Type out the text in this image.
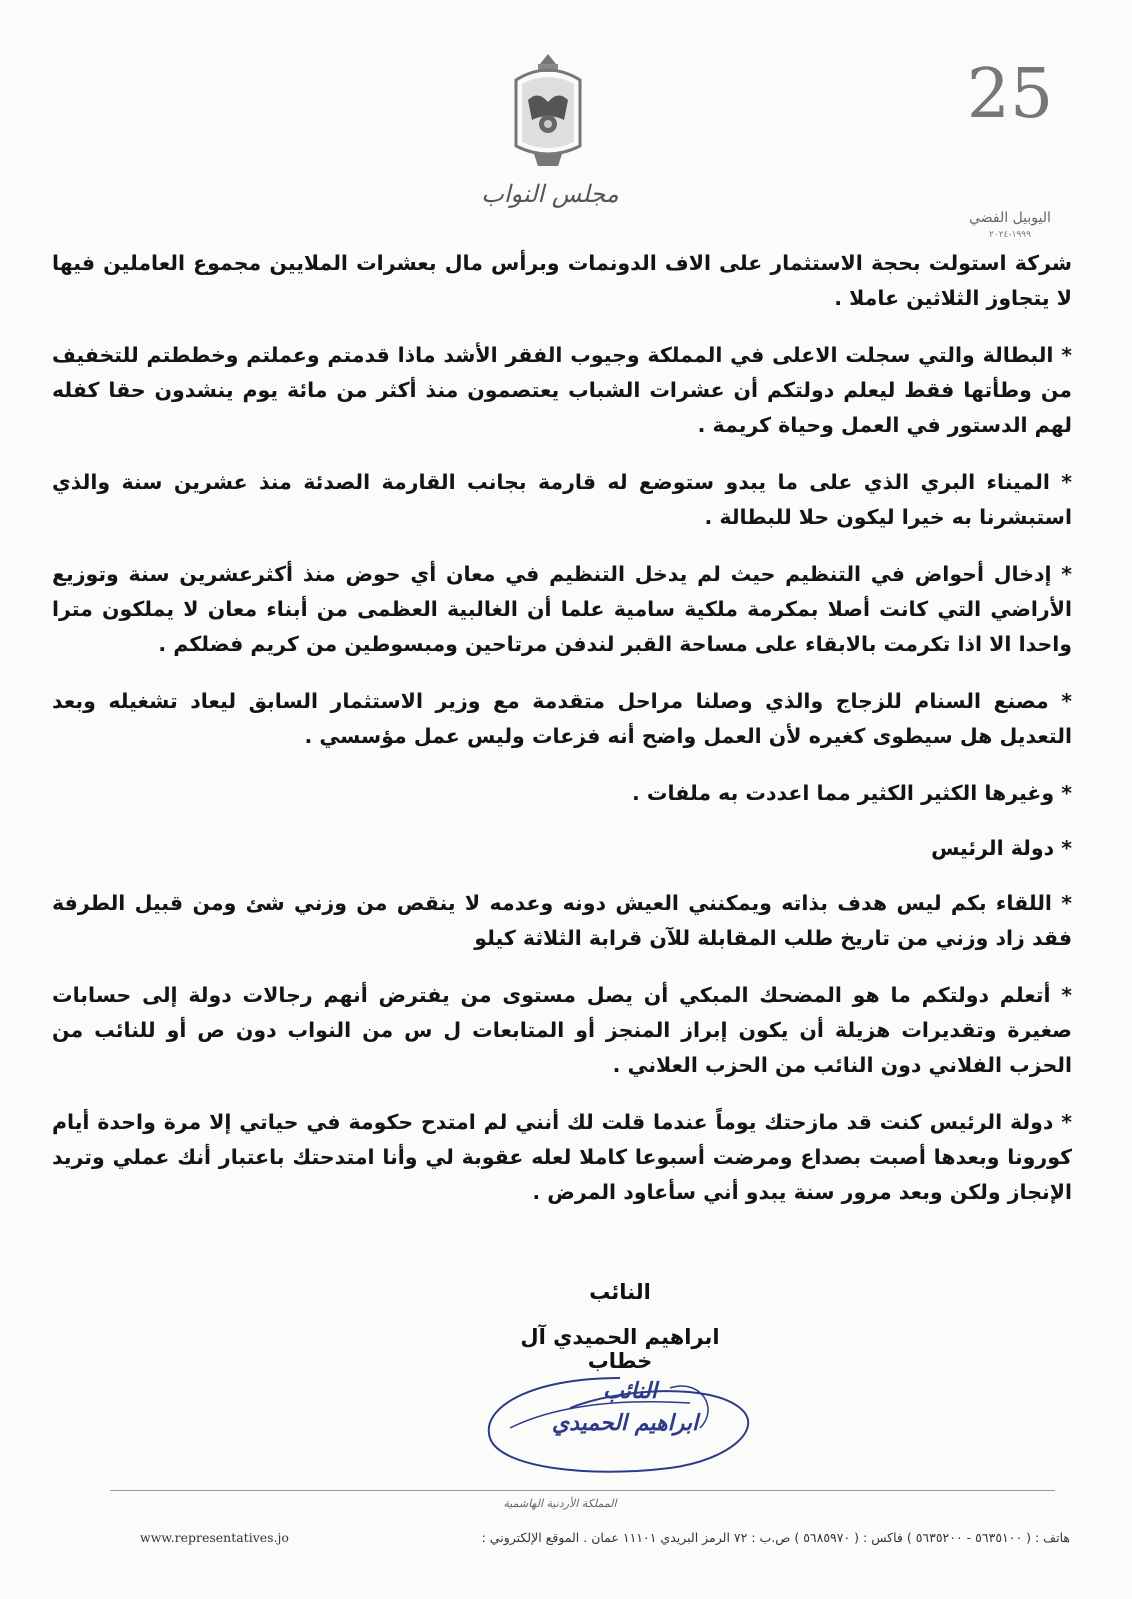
مجلس النواب
25
اليوبيل الفضي
١٩٩٩-٢٠٢٤

شركة استولت بحجة الاستثمار على الاف الدونمات وبرأس مال بعشرات الملايين مجموع العاملين فيها لا يتجاوز الثلاثين عاملا .

* البطالة والتي سجلت الاعلى في المملكة وجيوب الفقر الأشد ماذا قدمتم وعملتم وخططتم للتخفيف من وطأتها فقط ليعلم دولتكم أن عشرات الشباب يعتصمون منذ أكثر من مائة يوم ينشدون حقا كفله لهم الدستور في العمل وحياة كريمة .

* الميناء البري الذي على ما يبدو ستوضع له قارمة بجانب القارمة الصدئة منذ عشرين سنة والذي استبشرنا به خيرا ليكون حلا للبطالة .

* إدخال أحواض في التنظيم حيث لم يدخل التنظيم في معان أي حوض منذ أكثرعشرين سنة وتوزيع الأراضي التي كانت أصلا بمكرمة ملكية سامية علما أن الغالبية العظمى من أبناء معان لا يملكون مترا واحدا الا اذا تكرمت بالابقاء على مساحة القبر لندفن مرتاحين ومبسوطين من كريم فضلكم .

* مصنع السنام للزجاج والذي وصلنا مراحل متقدمة مع وزير الاستثمار السابق ليعاد تشغيله وبعد التعديل هل سيطوى كغيره لأن العمل واضح أنه فزعات وليس عمل مؤسسي .

* وغيرها الكثير الكثير مما اعددت به ملفات .

* دولة الرئيس

* اللقاء بكم ليس هدف بذاته ويمكنني العيش دونه وعدمه لا ينقص من وزني شئ ومن قبيل الطرفة فقد زاد وزني من تاريخ طلب المقابلة للآن قرابة الثلاثة كيلو

* أتعلم دولتكم ما هو المضحك المبكي أن يصل مستوى من يفترض أنهم رجالات دولة إلى حسابات صغيرة وتقديرات هزيلة أن يكون إبراز المنجز أو المتابعات ل س من النواب دون ص أو للنائب من الحزب الفلاني دون النائب من الحزب العلاني .

* دولة الرئيس كنت قد مازحتك يوماً عندما قلت لك أنني لم امتدح حكومة في حياتي إلا مرة واحدة أيام كورونا وبعدها أصبت بصداع ومرضت أسبوعا كاملا لعله عقوبة لي وأنا امتدحتك باعتبار أنك عملي وتريد الإنجاز ولكن وبعد مرور سنة يبدو أني سأعاود المرض .

النائب
ابراهيم الحميدي آل خطاب
النائب
ابراهيم الحميدي
المملكة الأردنية الهاشمية
هاتف : ( ٥٦٣٥١٠٠ - ٥٦٣٥٢٠٠ ) فاكس : ( ٥٦٨٥٩٧٠ ) ص.ب : ٧٢ الرمز البريدي ١١١٠١ عمان . الموقع الإلكتروني :
www.representatives.jo
